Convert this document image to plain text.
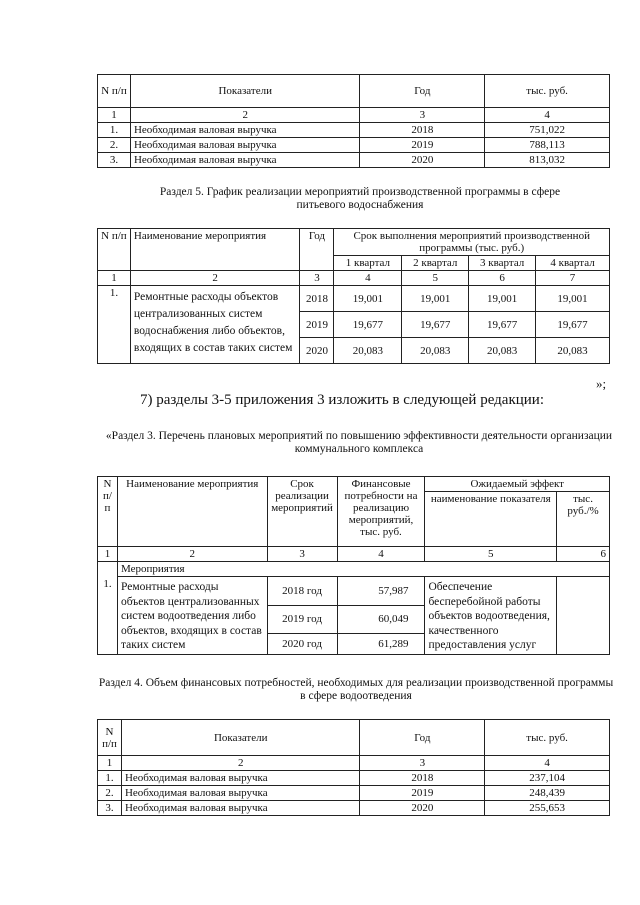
N п/п	Показатели	Год	тыс. руб.
1	2	3	4
1.	Необходимая валовая выручка	2018	751,022
2.	Необходимая валовая выручка	2019	788,113
3.	Необходимая валовая выручка	2020	813,032
Раздел 5. График реализации мероприятий производственной программы в сфере питьевого водоснабжения
N п/п	Наименование мероприятия	Год	Срок выполнения мероприятий производственной программы (тыс. руб.)			
			1 квартал	2 квартал	3 квартал	4 квартал
1	2	3	4	5	6	7
1.	Ремонтные расходы объектов централизованных систем водоснабжения либо объектов, входящих в состав таких систем	2018	19,001	19,001	19,001	19,001
		2019	19,677	19,677	19,677	19,677
		2020	20,083	20,083	20,083	20,083
»;
7) разделы 3-5 приложения 3 изложить в следующей редакции:
«Раздел 3. Перечень плановых мероприятий по повышению эффективности деятельности организации коммунального комплекса
N п/п	Наименование мероприятия	Срок реализации мероприятий	Финансовые потребности на реализацию мероприятий, тыс. руб.	Ожидаемый эффект	
				наименование показателя	тыс. руб./%
1	2	3	4	5	6
	Мероприятия				
1.	Ремонтные расходы объектов централизованных систем водоотведения либо объектов, входящих в состав таких систем	2018 год	57,987	Обеспечение бесперебойной работы объектов водоотведения, качественного предоставления услуг	
		2019 год	60,049		
		2020 год	61,289		
Раздел 4. Объем финансовых потребностей, необходимых для реализации производственной программы в сфере водоотведения
N п/п	Показатели	Год	тыс. руб.
1	2	3	4
1.	Необходимая валовая выручка	2018	237,104
2.	Необходимая валовая выручка	2019	248,439
3.	Необходимая валовая выручка	2020	255,653
